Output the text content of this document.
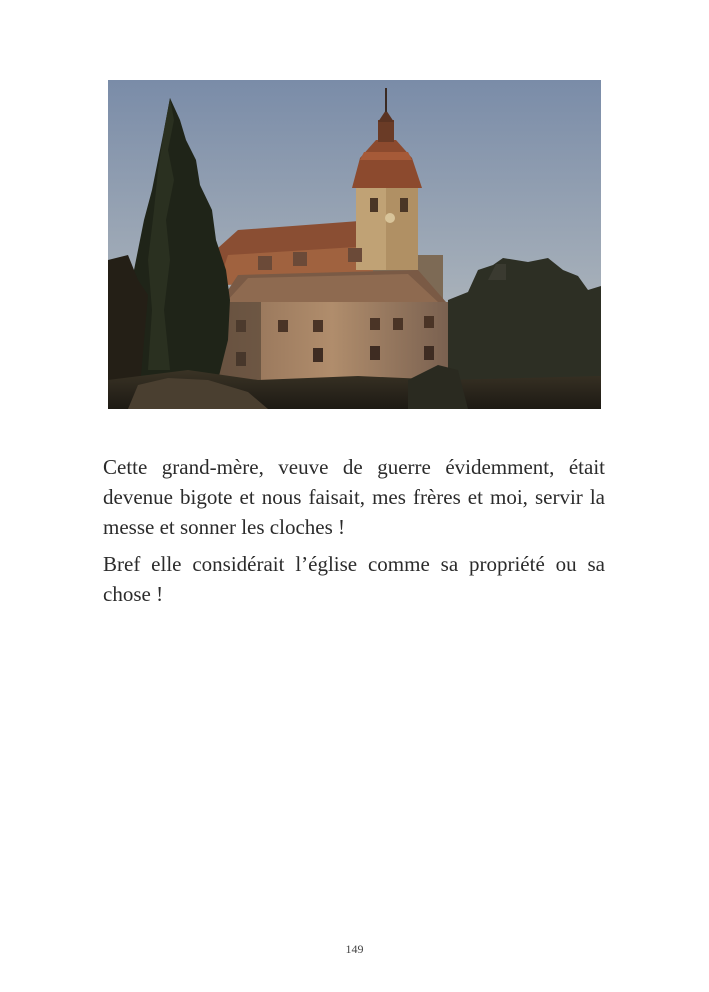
Cette grand-mère, veuve de guerre évidemment, était devenue bigote et nous faisait, mes frères et moi, servir la messe et sonner les cloches !

Bref elle considérait l’église comme sa propriété ou sa chose !

149
